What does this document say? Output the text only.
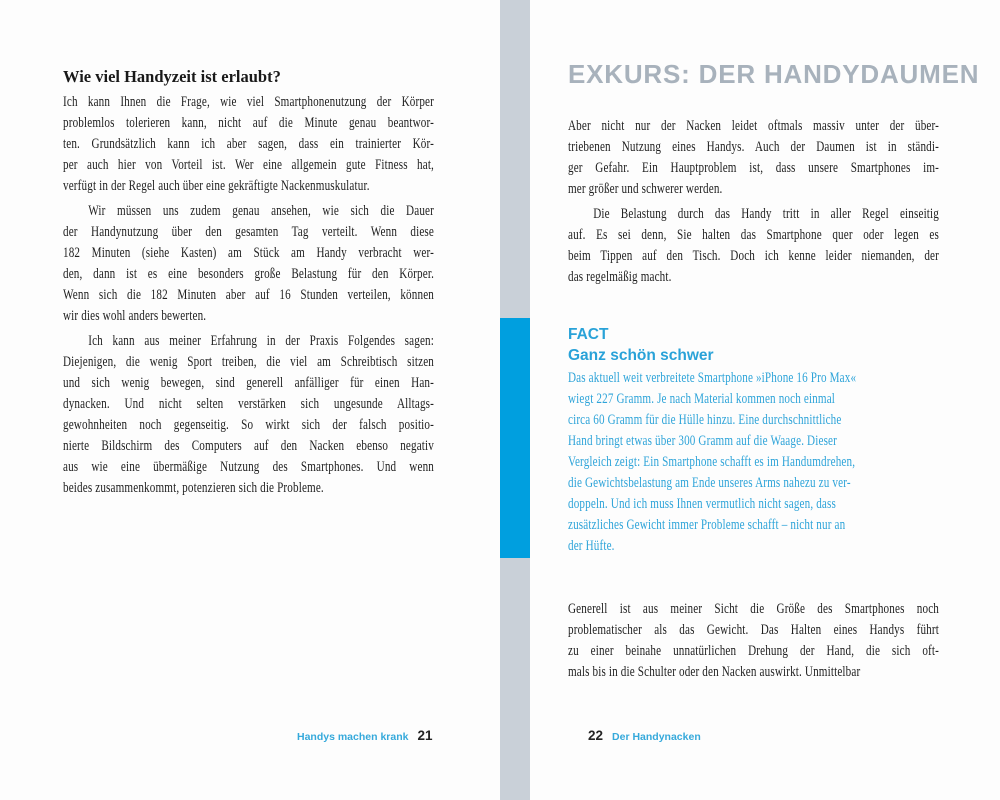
Wie viel Handyzeit ist erlaubt?
Ich kann Ihnen die Frage, wie viel Smartphonenutzung der Körper
problemlos tolerieren kann, nicht auf die Minute genau beantwor-
ten. Grundsätzlich kann ich aber sagen, dass ein trainierter Kör-
per auch hier von Vorteil ist. Wer eine allgemein gute Fitness hat,
verfügt in der Regel auch über eine gekräftigte Nackenmuskulatur.
Wir müssen uns zudem genau ansehen, wie sich die Dauer
der Handynutzung über den gesamten Tag verteilt. Wenn diese
182 Minuten (siehe Kasten) am Stück am Handy verbracht wer-
den, dann ist es eine besonders große Belastung für den Körper.
Wenn sich die 182 Minuten aber auf 16 Stunden verteilen, können
wir dies wohl anders bewerten.
Ich kann aus meiner Erfahrung in der Praxis Folgendes sagen:
Diejenigen, die wenig Sport treiben, die viel am Schreibtisch sitzen
und sich wenig bewegen, sind generell anfälliger für einen Han-
dynacken. Und nicht selten verstärken sich ungesunde Alltags-
gewohnheiten noch gegenseitig. So wirkt sich der falsch positio-
nierte Bildschirm des Computers auf den Nacken ebenso negativ
aus wie eine übermäßige Nutzung des Smartphones. Und wenn
beides zusammenkommt, potenzieren sich die Probleme.
Handys machen krank 21
EXKURS: DER HANDYDAUMEN
Aber nicht nur der Nacken leidet oftmals massiv unter der über-
triebenen Nutzung eines Handys. Auch der Daumen ist in ständi-
ger Gefahr. Ein Hauptproblem ist, dass unsere Smartphones im-
mer größer und schwerer werden.
Die Belastung durch das Handy tritt in aller Regel einseitig
auf. Es sei denn, Sie halten das Smartphone quer oder legen es
beim Tippen auf den Tisch. Doch ich kenne leider niemanden, der
das regelmäßig macht.
FACT
Ganz schön schwer
Das aktuell weit verbreitete Smartphone »iPhone 16 Pro Max«
wiegt 227 Gramm. Je nach Material kommen noch einmal
circa 60 Gramm für die Hülle hinzu. Eine durchschnittliche
Hand bringt etwas über 300 Gramm auf die Waage. Dieser
Vergleich zeigt: Ein Smartphone schafft es im Handumdrehen,
die Gewichtsbelastung am Ende unseres Arms nahezu zu ver-
doppeln. Und ich muss Ihnen vermutlich nicht sagen, dass
zusätzliches Gewicht immer Probleme schafft – nicht nur an
der Hüfte.
Generell ist aus meiner Sicht die Größe des Smartphones noch
problematischer als das Gewicht. Das Halten eines Handys führt
zu einer beinahe unnatürlichen Drehung der Hand, die sich oft-
mals bis in die Schulter oder den Nacken auswirkt. Unmittelbar
22 Der Handynacken
